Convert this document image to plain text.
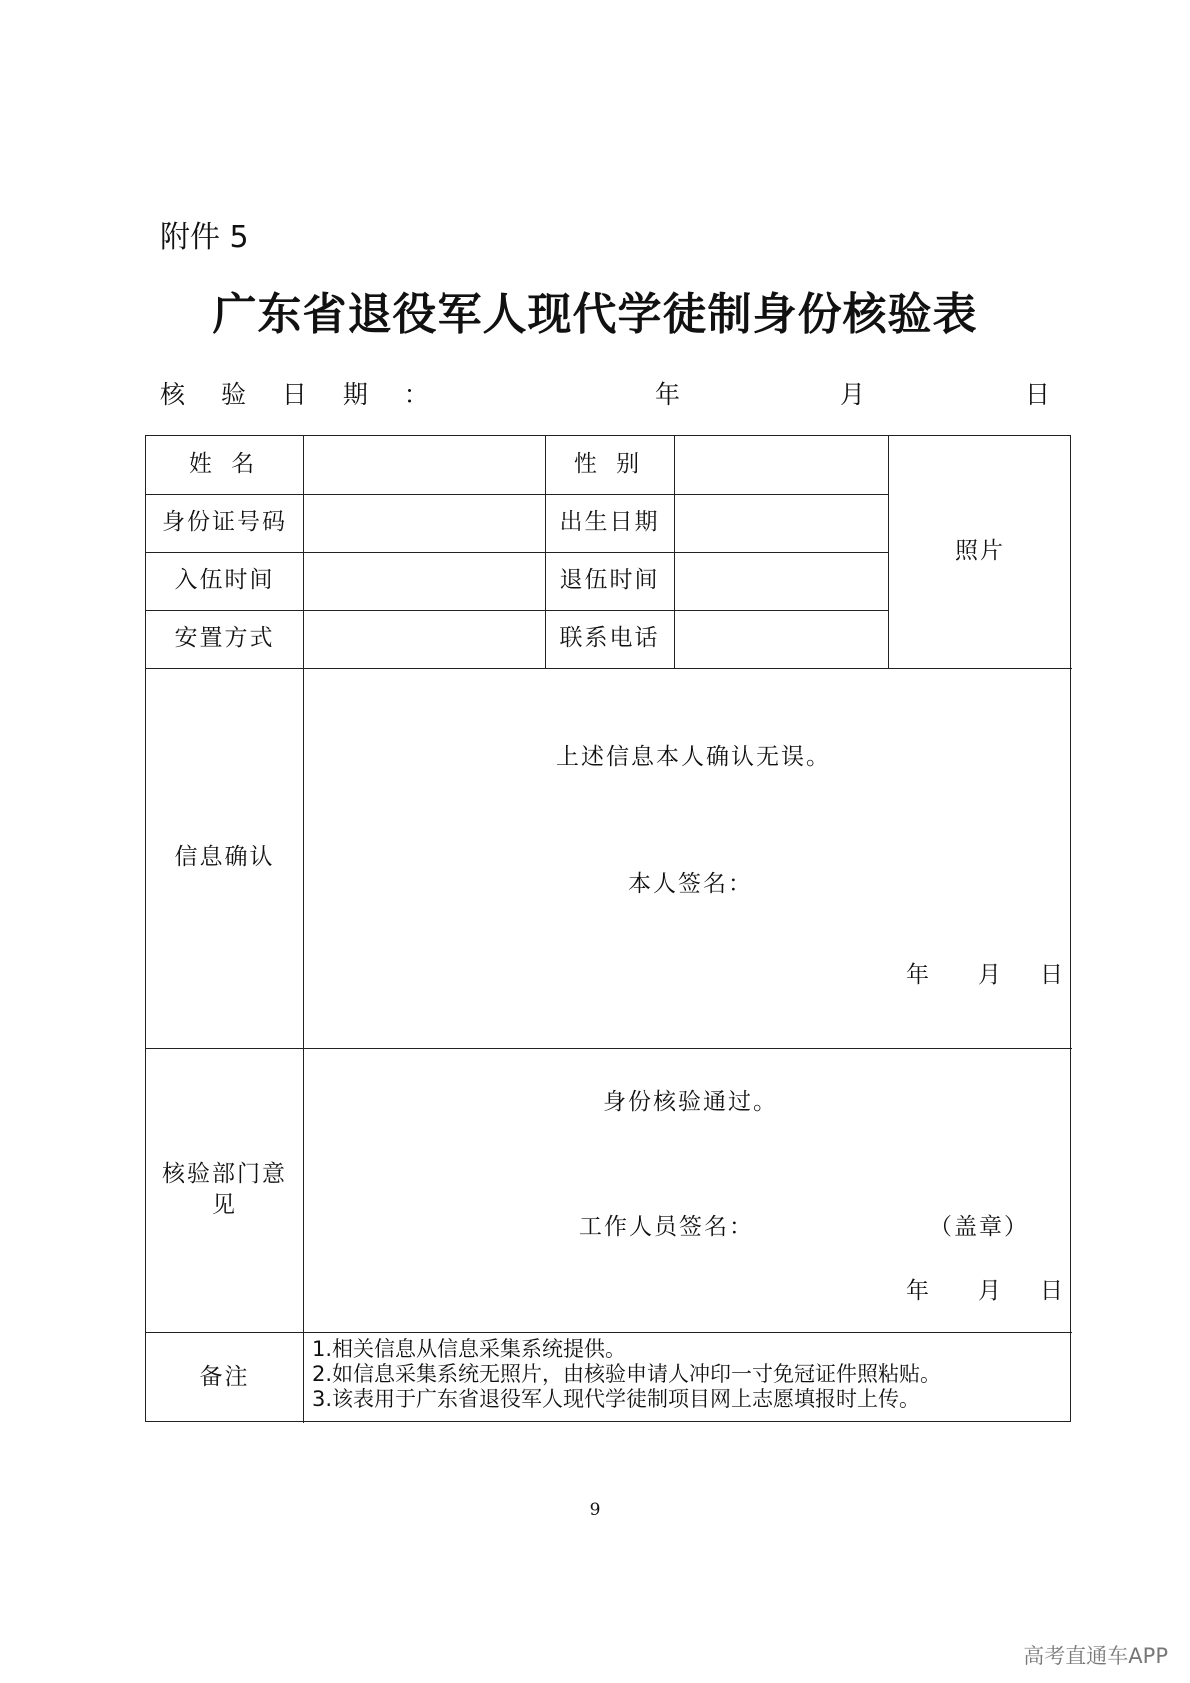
附件 5
广东省退役军人现代学徒制身份核验表
核 验 日 期 ：	年	月	日
姓 名	性 别
身份证号码	出生日期
入伍时间	退伍时间
安置方式	联系电话
照片
信息确认
上述信息本人确认无误。
本人签名：
年 月 日
核验部门意见
身份核验通过。
工作人员签名：	（盖章）
年 月 日
备注
1.相关信息从信息采集系统提供。
2.如信息采集系统无照片，由核验申请人冲印一寸免冠证件照粘贴。
3.该表用于广东省退役军人现代学徒制项目网上志愿填报时上传。
9
高考直通车APP
